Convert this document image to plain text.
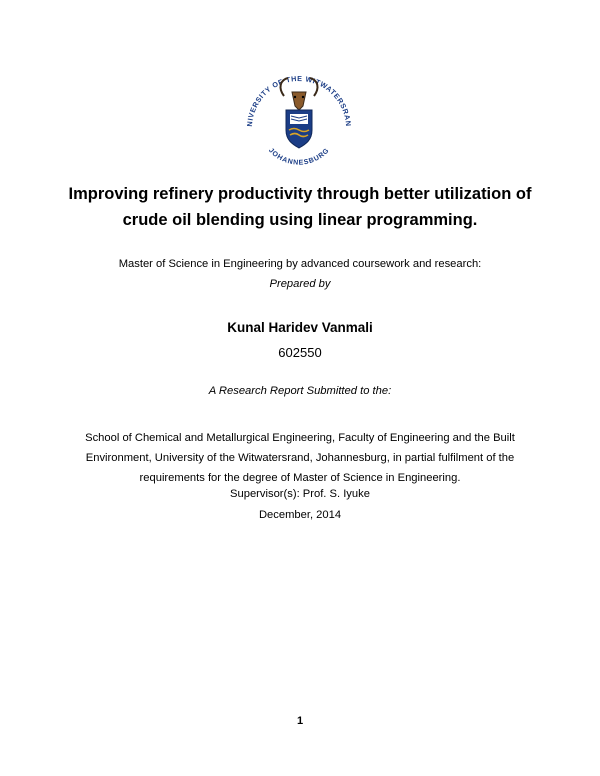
NIVERSITY OF THE WITWATERSRAN
JOHANNESBURG
Improving refinery productivity through better utilization of
crude oil blending using linear programming.
Master of Science in Engineering by advanced coursework and research:
Prepared by
Kunal Haridev Vanmali
602550
A Research Report Submitted to the:
School of Chemical and Metallurgical Engineering, Faculty of Engineering and the Built
Environment, University of the Witwatersrand, Johannesburg, in partial fulfilment of the
requirements for the degree of Master of Science in Engineering.
Supervisor(s): Prof. S. Iyuke
December, 2014
1
